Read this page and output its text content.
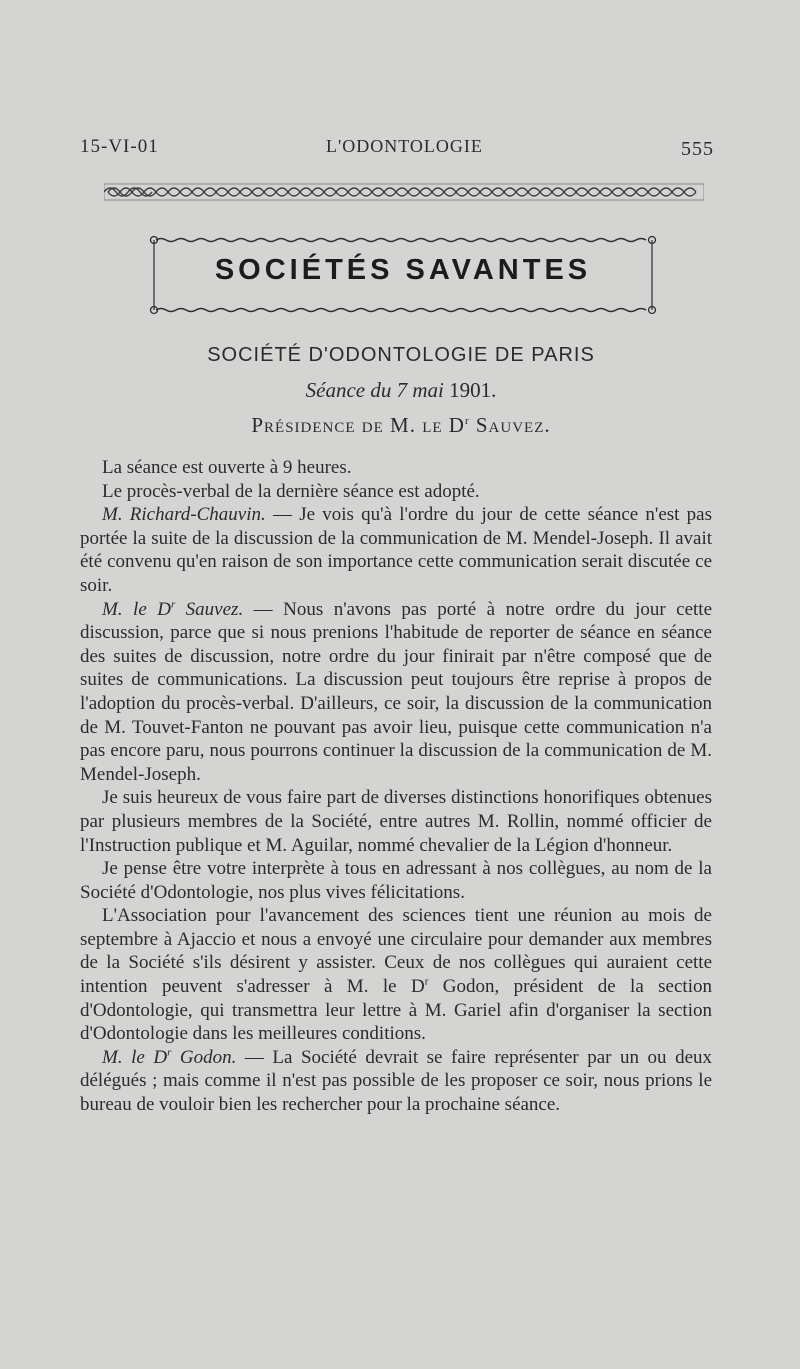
15-VI-01	L'ODONTOLOGIE	555
SOCIÉTÉS SAVANTES
SOCIÉTÉ D'ODONTOLOGIE DE PARIS
Séance du 7 mai 1901.
Présidence de M. le $D^r$ Sauvez.

La séance est ouverte à 9 heures.

Le procès-verbal de la dernière séance est adopté.

M. Richard-Chauvin. — Je vois qu'à l'ordre du jour de cette séance n'est pas portée la suite de la discussion de la communication de M. Mendel-Joseph. Il avait été convenu qu'en raison de son importance cette communication serait discutée ce soir.

M. le $D^r$ Sauvez. — Nous n'avons pas porté à notre ordre du jour cette discussion, parce que si nous prenions l'habitude de reporter de séance en séance des suites de discussion, notre ordre du jour finirait par n'être composé que de suites de communications. La discussion peut toujours être reprise à propos de l'adoption du procès-verbal. D'ailleurs, ce soir, la discussion de la communication de M. Touvet-Fanton ne pouvant pas avoir lieu, puisque cette communication n'a pas encore paru, nous pourrons continuer la discussion de la communication de M. Mendel-Joseph.

Je suis heureux de vous faire part de diverses distinctions honorifiques obtenues par plusieurs membres de la Société, entre autres M. Rollin, nommé officier de l'Instruction publique et M. Aguilar, nommé chevalier de la Légion d'honneur.

Je pense être votre interprète à tous en adressant à nos collègues, au nom de la Société d'Odontologie, nos plus vives félicitations.

L'Association pour l'avancement des sciences tient une réunion au mois de septembre à Ajaccio et nous a envoyé une circulaire pour demander aux membres de la Société s'ils désirent y assister. Ceux de nos collègues qui auraient cette intention peuvent s'adresser à M. le $D^r$ Godon, président de la section d'Odontologie, qui transmettra leur lettre à M. Gariel afin d'organiser la section d'Odontologie dans les meilleures conditions.

M. le $D^r$ Godon. — La Société devrait se faire représenter par un ou deux délégués ; mais comme il n'est pas possible de les proposer ce soir, nous prions le bureau de vouloir bien les rechercher pour la prochaine séance.
